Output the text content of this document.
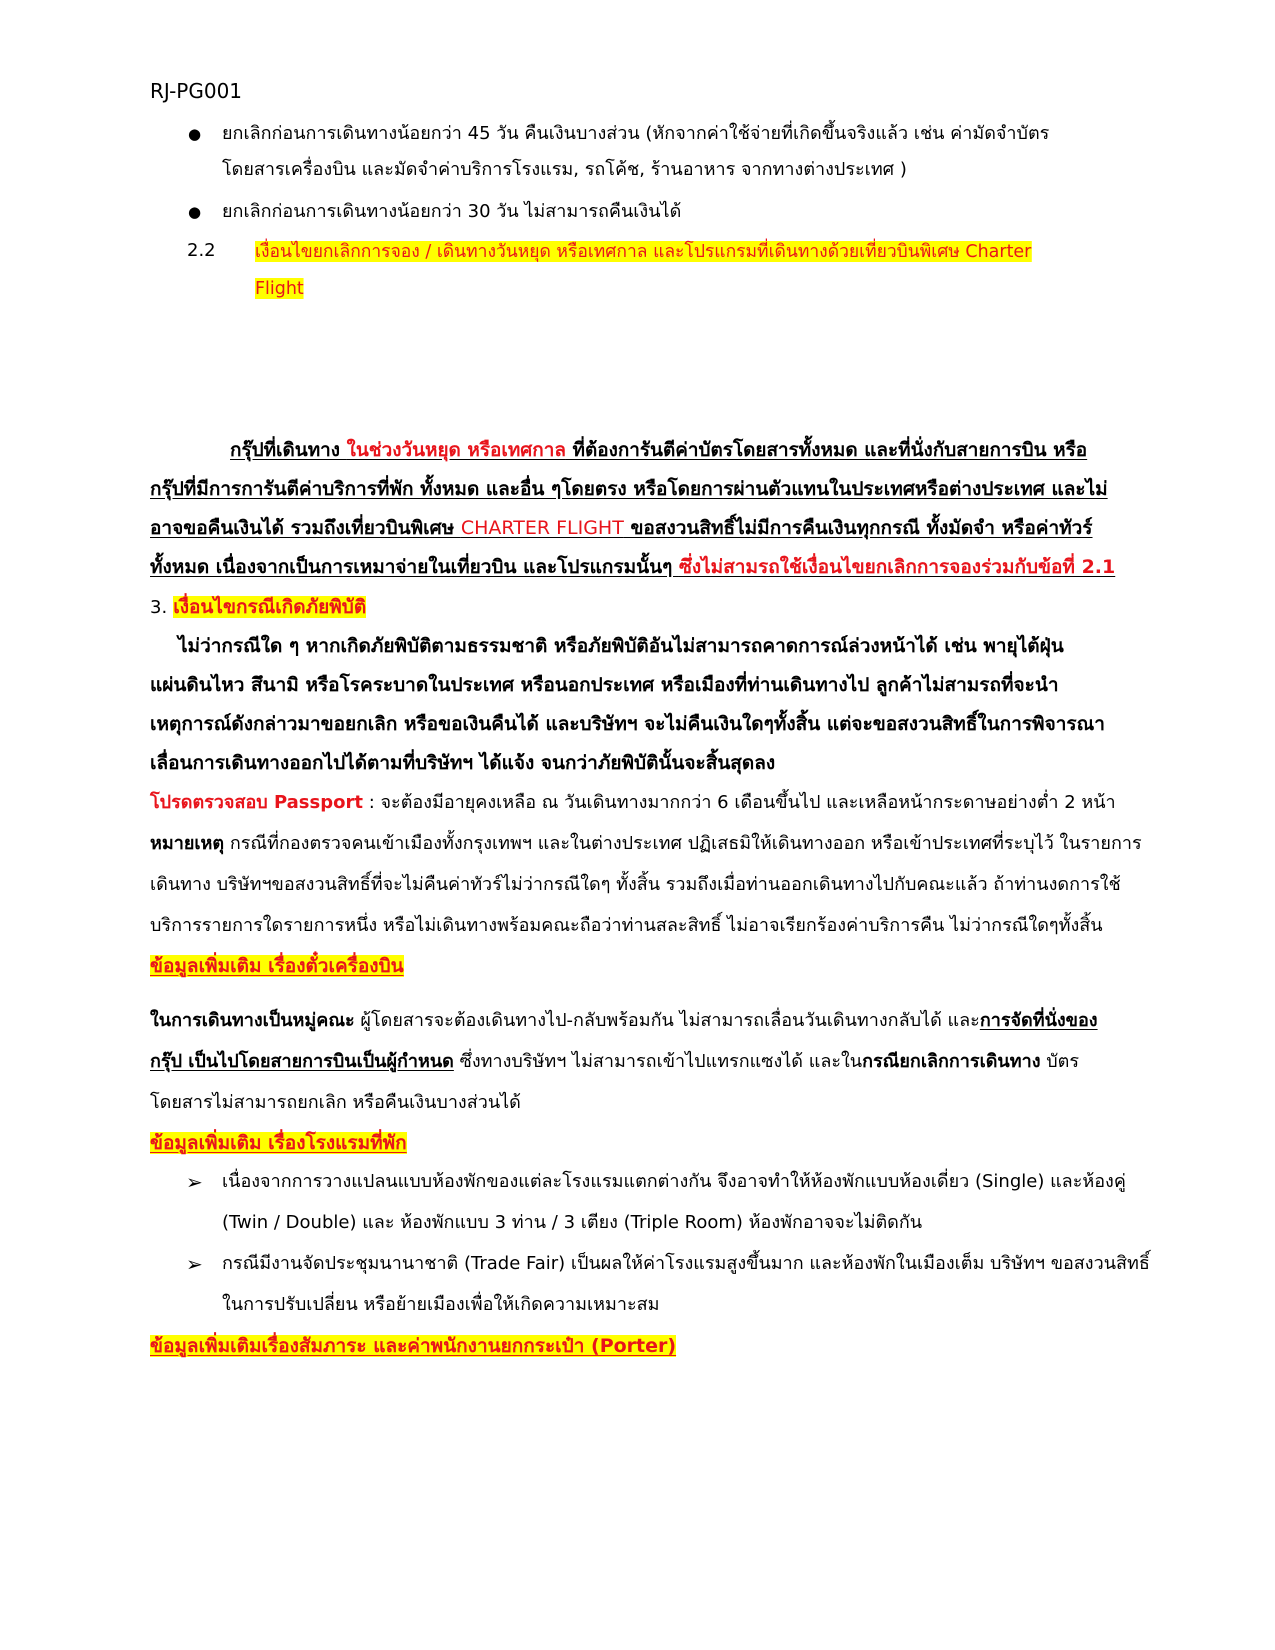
RJ-PG001
● ยกเลิกก่อนการเดินทางน้อยกว่า 45 วัน คืนเงินบางส่วน (หักจากค่าใช้จ่ายที่เกิดขึ้นจริงแล้ว เช่น ค่ามัดจำบัตร
โดยสารเครื่องบิน และมัดจำค่าบริการโรงแรม, รถโค้ช, ร้านอาหาร จากทางต่างประเทศ )
● ยกเลิกก่อนการเดินทางน้อยกว่า 30 วัน ไม่สามารถคืนเงินได้
2.2 เงื่อนไขยกเลิกการจอง / เดินทางวันหยุด หรือเทศกาล และโปรแกรมที่เดินทางด้วยเที่ยวบินพิเศษ Charter
Flight
กรุ๊ปที่เดินทาง ในช่วงวันหยุด หรือเทศกาล ที่ต้องการันตีค่าบัตรโดยสารทั้งหมด และที่นั่งกับสายการบิน หรือ
กรุ๊ปที่มีการการันตีค่าบริการที่พัก ทั้งหมด และอื่น ๆโดยตรง หรือโดยการผ่านตัวแทนในประเทศหรือต่างประเทศ และไม่
อาจขอคืนเงินได้ รวมถึงเที่ยวบินพิเศษ CHARTER FLIGHT ขอสงวนสิทธิ์ไม่มีการคืนเงินทุกกรณี ทั้งมัดจำ หรือค่าทัวร์
ทั้งหมด เนื่องจากเป็นการเหมาจ่ายในเที่ยวบิน และโปรแกรมนั้นๆ ซึ่งไม่สามรถใช้เงื่อนไขยกเลิกการจองร่วมกับข้อที่ 2.1
3. เงื่อนไขกรณีเกิดภัยพิบัติ
ไม่ว่ากรณีใด ๆ หากเกิดภัยพิบัติตามธรรมชาติ หรือภัยพิบัติอันไม่สามารถคาดการณ์ล่วงหน้าได้ เช่น พายุไต้ฝุ่น
แผ่นดินไหว สึนามิ หรือโรคระบาดในประเทศ หรือนอกประเทศ หรือเมืองที่ท่านเดินทางไป ลูกค้าไม่สามรถที่จะนำ
เหตุการณ์ดังกล่าวมาขอยกเลิก หรือขอเงินคืนได้ และบริษัทฯ จะไม่คืนเงินใดๆทั้งสิ้น แต่จะขอสงวนสิทธิ์ในการพิจารณา
เลื่อนการเดินทางออกไปได้ตามที่บริษัทฯ ได้แจ้ง จนกว่าภัยพิบัตินั้นจะสิ้นสุดลง
โปรดตรวจสอบ Passport : จะต้องมีอายุคงเหลือ ณ วันเดินทางมากกว่า 6 เดือนขึ้นไป และเหลือหน้ากระดาษอย่างต่ำ 2 หน้า
หมายเหตุ กรณีที่กองตรวจคนเข้าเมืองทั้งกรุงเทพฯ และในต่างประเทศ ปฏิเสธมิให้เดินทางออก หรือเข้าประเทศที่ระบุไว้ ในรายการ
เดินทาง บริษัทฯขอสงวนสิทธิ์ที่จะไม่คืนค่าทัวร์ไม่ว่ากรณีใดๆ ทั้งสิ้น รวมถึงเมื่อท่านออกเดินทางไปกับคณะแล้ว ถ้าท่านงดการใช้
บริการรายการใดรายการหนึ่ง หรือไม่เดินทางพร้อมคณะถือว่าท่านสละสิทธิ์ ไม่อาจเรียกร้องค่าบริการคืน ไม่ว่ากรณีใดๆทั้งสิ้น
ข้อมูลเพิ่มเติม เรื่องตั๋วเครื่องบิน
ในการเดินทางเป็นหมู่คณะ ผู้โดยสารจะต้องเดินทางไป-กลับพร้อมกัน ไม่สามารถเลื่อนวันเดินทางกลับได้ และการจัดที่นั่งของ
กรุ๊ป เป็นไปโดยสายการบินเป็นผู้กำหนด ซึ่งทางบริษัทฯ ไม่สามารถเข้าไปแทรกแซงได้ และในกรณียกเลิกการเดินทาง บัตร
โดยสารไม่สามารถยกเลิก หรือคืนเงินบางส่วนได้
ข้อมูลเพิ่มเติม เรื่องโรงแรมที่พัก
➢ เนื่องจากการวางแปลนแบบห้องพักของแต่ละโรงแรมแตกต่างกัน จึงอาจทำให้ห้องพักแบบห้องเดี่ยว (Single) และห้องคู่
(Twin / Double) และ ห้องพักแบบ 3 ท่าน / 3 เตียง (Triple Room) ห้องพักอาจจะไม่ติดกัน
➢ กรณีมีงานจัดประชุมนานาชาติ (Trade Fair) เป็นผลให้ค่าโรงแรมสูงขึ้นมาก และห้องพักในเมืองเต็ม บริษัทฯ ขอสงวนสิทธิ์
ในการปรับเปลี่ยน หรือย้ายเมืองเพื่อให้เกิดความเหมาะสม
ข้อมูลเพิ่มเติมเรื่องสัมภาระ และค่าพนักงานยกกระเป๋า (Porter)
